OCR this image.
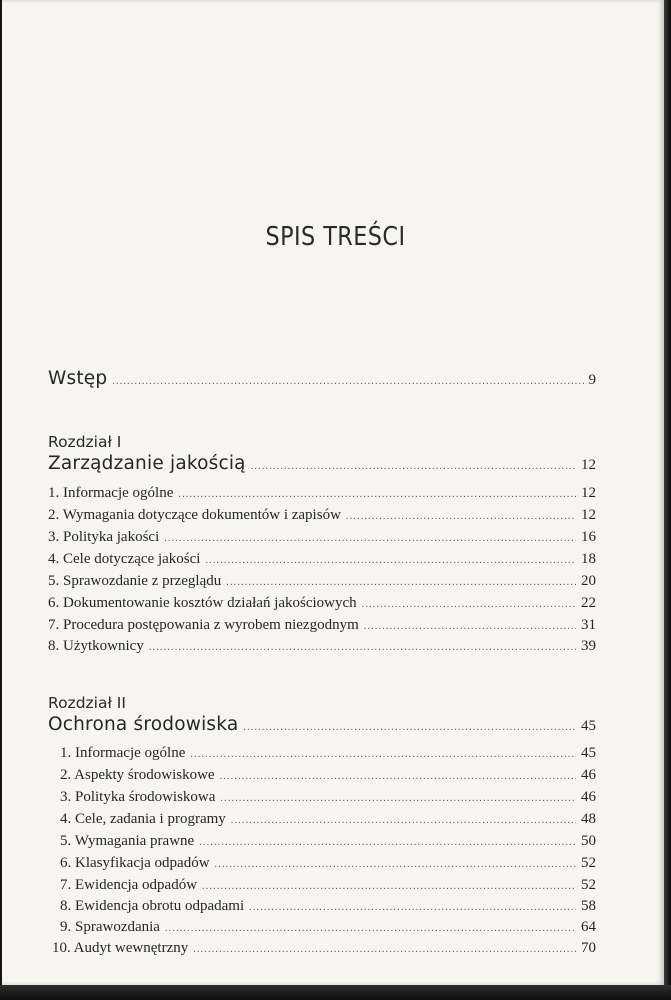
SPIS TREŚCI
Wstęp .....	9
Rozdział I
Zarządzanie jakością .....	12
1. Informacje ogólne .....	12
2. Wymagania dotyczące dokumentów i zapisów .....	12
3. Polityka jakości .....	16
4. Cele dotyczące jakości .....	18
5. Sprawozdanie z przeglądu .....	20
6. Dokumentowanie kosztów działań jakościowych .....	22
7. Procedura postępowania z wyrobem niezgodnym .....	31
8. Użytkownicy .....	39
Rozdział II
Ochrona środowiska .....	45
1. Informacje ogólne .....	45
2. Aspekty środowiskowe .....	46
3. Polityka środowiskowa .....	46
4. Cele, zadania i programy .....	48
5. Wymagania prawne .....	50
6. Klasyfikacja odpadów .....	52
7. Ewidencja odpadów .....	52
8. Ewidencja obrotu odpadami .....	58
9. Sprawozdania .....	64
10. Audyt wewnętrzny .....	70
